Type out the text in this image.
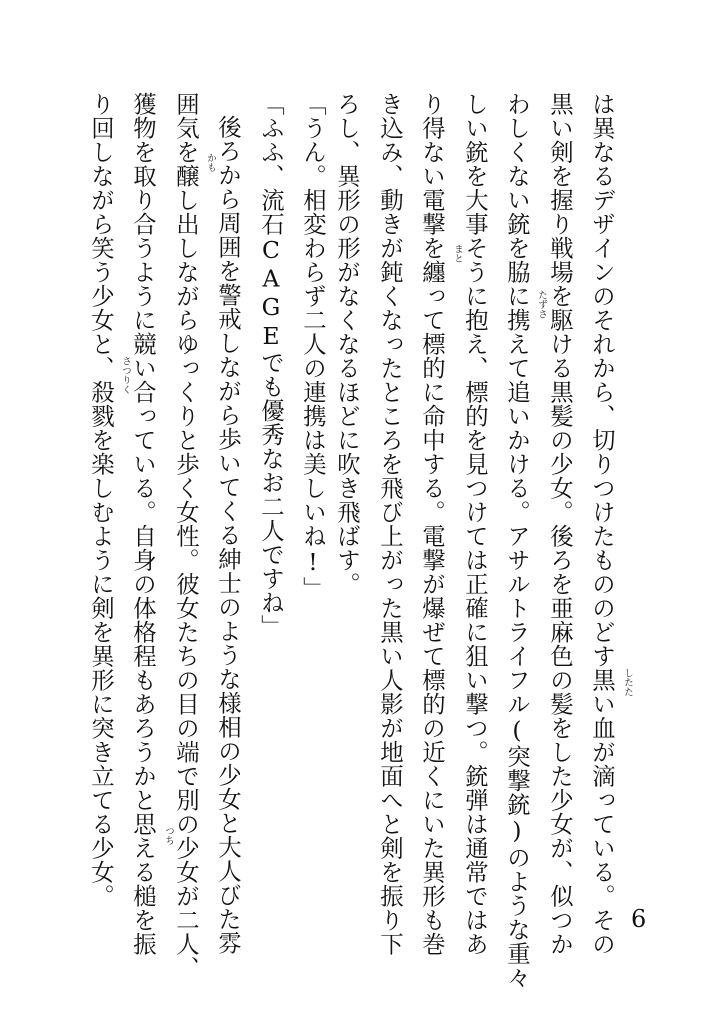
は異なるデザインのそれから、切りつけたもののどす黒い血が滴っている。その
黒い剣を握り戦場を駆ける黒髪の少女。後ろを亜麻色の髪をした少女が、似つか
わしくない銃を脇に携えて追いかける。アサルトライフル(突撃銃)のような重々
しい銃を大事そうに抱え、標的を見つけては正確に狙い撃つ。銃弾は通常ではあ
り得ない電撃を纏って標的に命中する。電撃が爆ぜて標的の近くにいた異形も巻
き込み、動きが鈍くなったところを飛び上がった黒い人影が地面へと剣を振り下
ろし、異形の形がなくなるほどに吹き飛ばす。
「うん。相変わらず二人の連携は美しいね!」
「ふふ、流石CAGEでも優秀なお二人ですね」
後ろから周囲を警戒しながら歩いてくる紳士のような様相の少女と大人びた雰
囲気を醸し出しながらゆっくりと歩く女性。彼女たちの目の端で別の少女が二人、
獲物を取り合うように競い合っている。自身の体格程もあろうかと思える槌を振
り回しながら笑う少女と、殺戮を楽しむように剣を異形に突き立てる少女。	したた
たずさ
まと
かも
つち
さつりく
6
